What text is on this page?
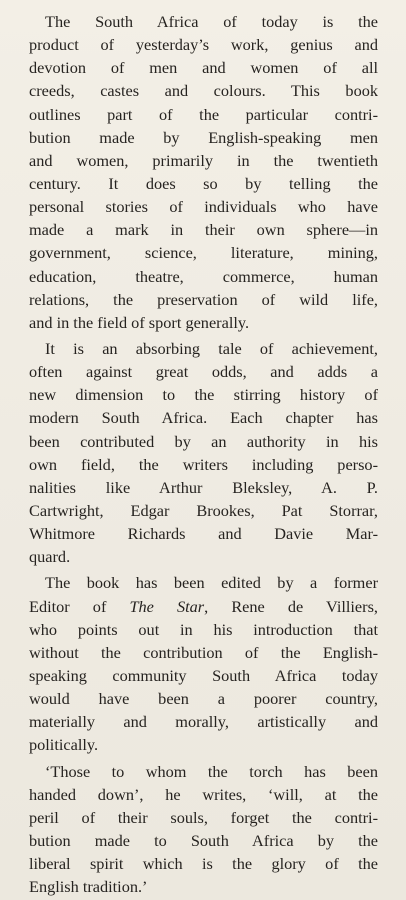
The South Africa of today is the
product of yesterday’s work, genius and
devotion of men and women of all
creeds, castes and colours. This book
outlines part of the particular contri-
bution made by English-speaking men
and women, primarily in the twentieth
century. It does so by telling the
personal stories of individuals who have
made a mark in their own sphere—in
government, science, literature, mining,
education, theatre, commerce, human
relations, the preservation of wild life,
and in the field of sport generally.
It is an absorbing tale of achievement,
often against great odds, and adds a
new dimension to the stirring history of
modern South Africa. Each chapter has
been contributed by an authority in his
own field, the writers including perso-
nalities like Arthur Bleksley, A. P.
Cartwright, Edgar Brookes, Pat Storrar,
Whitmore Richards and Davie Mar-
quard.
The book has been edited by a former
Editor of The Star, Rene de Villiers,
who points out in his introduction that
without the contribution of the English-
speaking community South Africa today
would have been a poorer country,
materially and morally, artistically and
politically.
‘Those to whom the torch has been
handed down’, he writes, ‘will, at the
peril of their souls, forget the contri-
bution made to South Africa by the
liberal spirit which is the glory of the
English tradition.’
